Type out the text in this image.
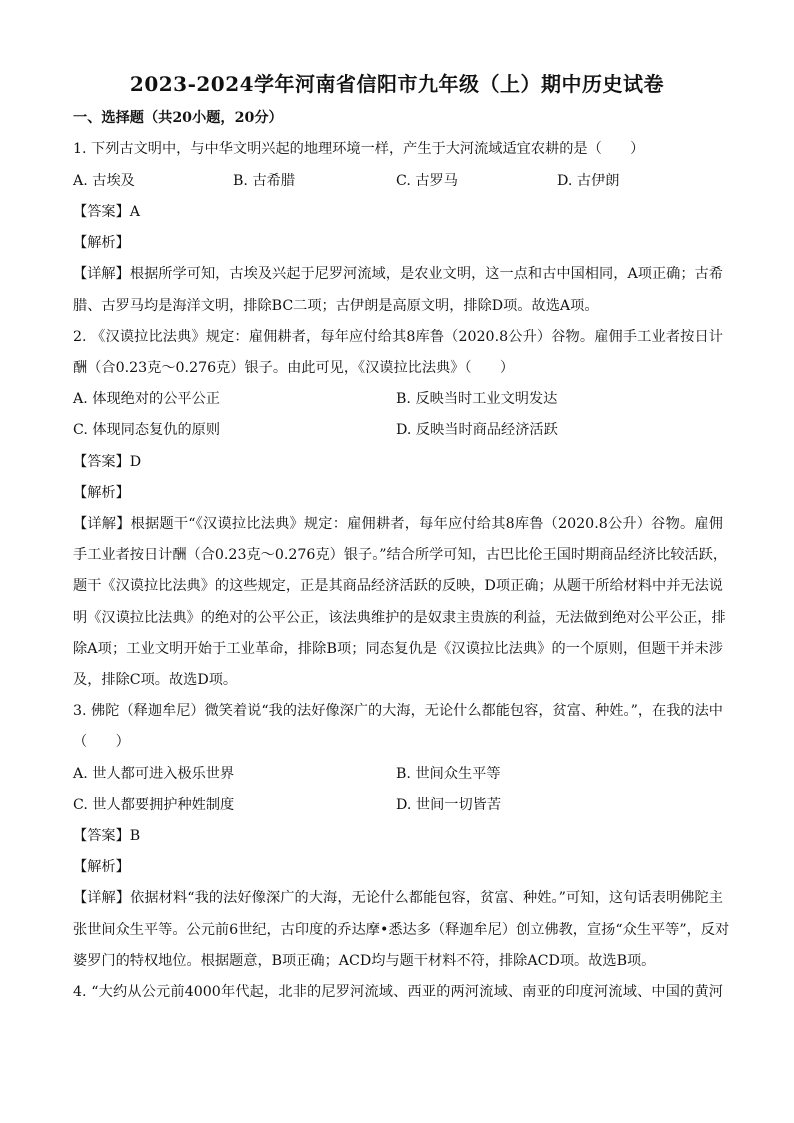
2023-2024学年河南省信阳市九年级（上）期中历史试卷
一、选择题（共20小题，20分）
1. 下列古文明中，与中华文明兴起的地理环境一样，产生于大河流域适宜农耕的是（　　）
A. 古埃及	B. 古希腊	C. 古罗马	D. 古伊朗
【答案】A
【解析】
【详解】根据所学可知，古埃及兴起于尼罗河流域，是农业文明，这一点和古中国相同，A项正确；古希
腊、古罗马均是海洋文明，排除BC二项；古伊朗是高原文明，排除D项。故选A项。
2. 《汉谟拉比法典》规定：雇佣耕者，每年应付给其8库鲁（2020.8公升）谷物。雇佣手工业者按日计
酬（合0.23克～0.276克）银子。由此可见，《汉谟拉比法典》（　　）
A. 体现绝对的公平公正	B. 反映当时工业文明发达
C. 体现同态复仇的原则	D. 反映当时商品经济活跃
【答案】D
【解析】
【详解】根据题干“《汉谟拉比法典》规定：雇佣耕者，每年应付给其8库鲁（2020.8公升）谷物。雇佣
手工业者按日计酬（合0.23克～0.276克）银子。”结合所学可知，古巴比伦王国时期商品经济比较活跃，
题干《汉谟拉比法典》的这些规定，正是其商品经济活跃的反映，D项正确；从题干所给材料中并无法说
明《汉谟拉比法典》的绝对的公平公正，该法典维护的是奴隶主贵族的利益，无法做到绝对公平公正，排
除A项；工业文明开始于工业革命，排除B项；同态复仇是《汉谟拉比法典》的一个原则，但题干并未涉
及，排除C项。故选D项。
3. 佛陀（释迦牟尼）微笑着说“我的法好像深广的大海，无论什么都能包容，贫富、种姓。”，在我的法中
（　　）
A. 世人都可进入极乐世界	B. 世间众生平等
C. 世人都要拥护种姓制度	D. 世间一切皆苦
【答案】B
【解析】
【详解】依据材料“我的法好像深广的大海，无论什么都能包容，贫富、种姓。”可知，这句话表明佛陀主
张世间众生平等。公元前6世纪，古印度的乔达摩•悉达多（释迦牟尼）创立佛教，宣扬“众生平等”，反对
婆罗门的特权地位。根据题意，B项正确；ACD均与题干材料不符，排除ACD项。故选B项。
4. “大约从公元前4000年代起，北非的尼罗河流域、西亚的两河流域、南亚的印度河流域、中国的黄河
